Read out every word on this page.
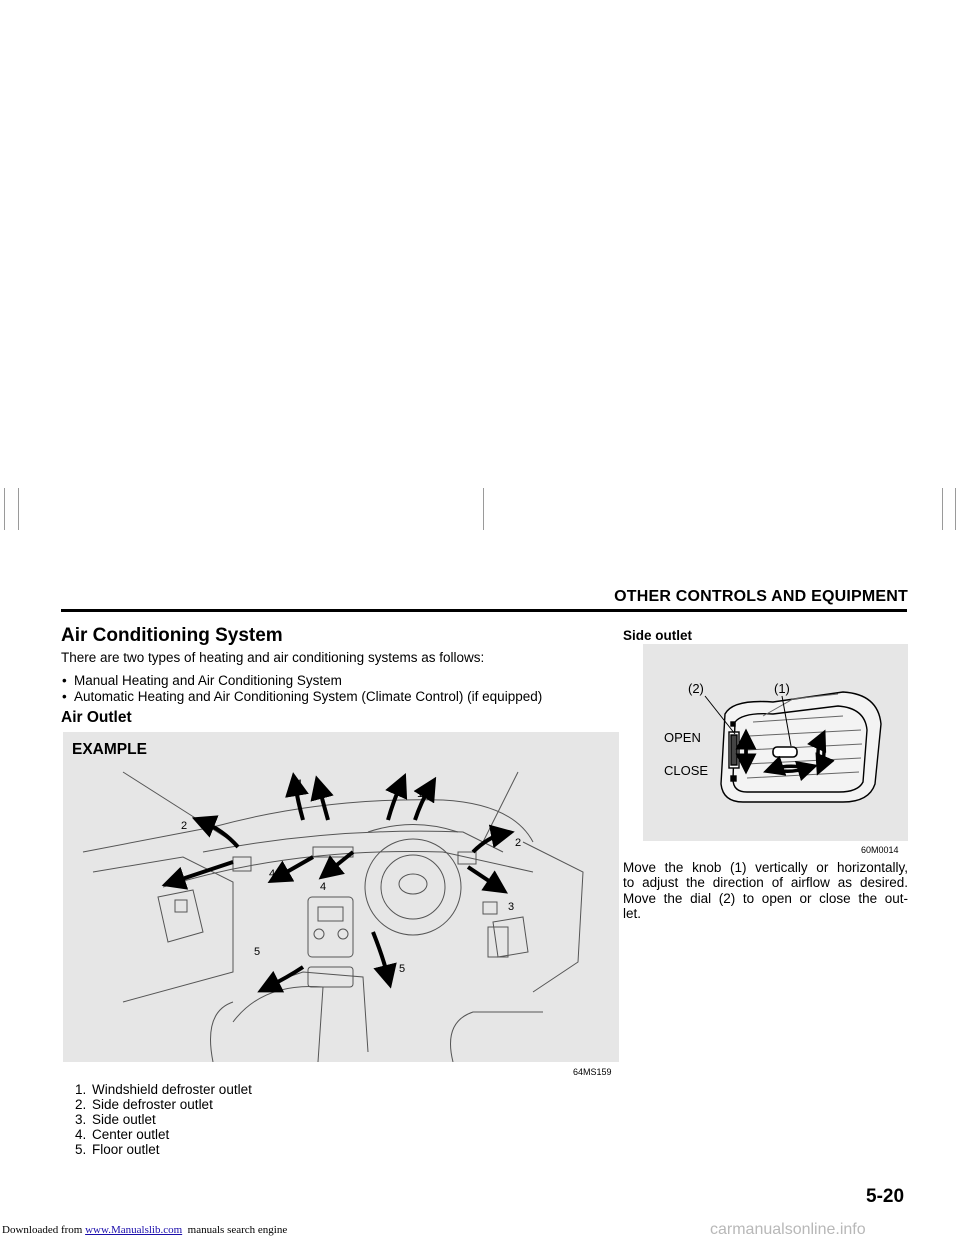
OTHER CONTROLS AND EQUIPMENT
Air Conditioning System
There are two types of heating and air conditioning systems as follows:
• Manual Heating and Air Conditioning System
• Automatic Heating and Air Conditioning System (Climate Control) (if equipped)
Air Outlet
1
1
2
2
3
3
4
4
5
5
EXAMPLE
64MS159
1. Windshield defroster outlet
2. Side defroster outlet
3. Side outlet
4. Center outlet
5. Floor outlet
Side outlet
(2)	(1)
OPEN
CLOSE
60M0014
Move the knob (1) vertically or horizontally,
to adjust the direction of airflow as desired.
Move the dial (2) to open or close the out-
let.
5-20
Downloaded from www.Manualslib.com  manuals search engine	carmanualsonline.info
